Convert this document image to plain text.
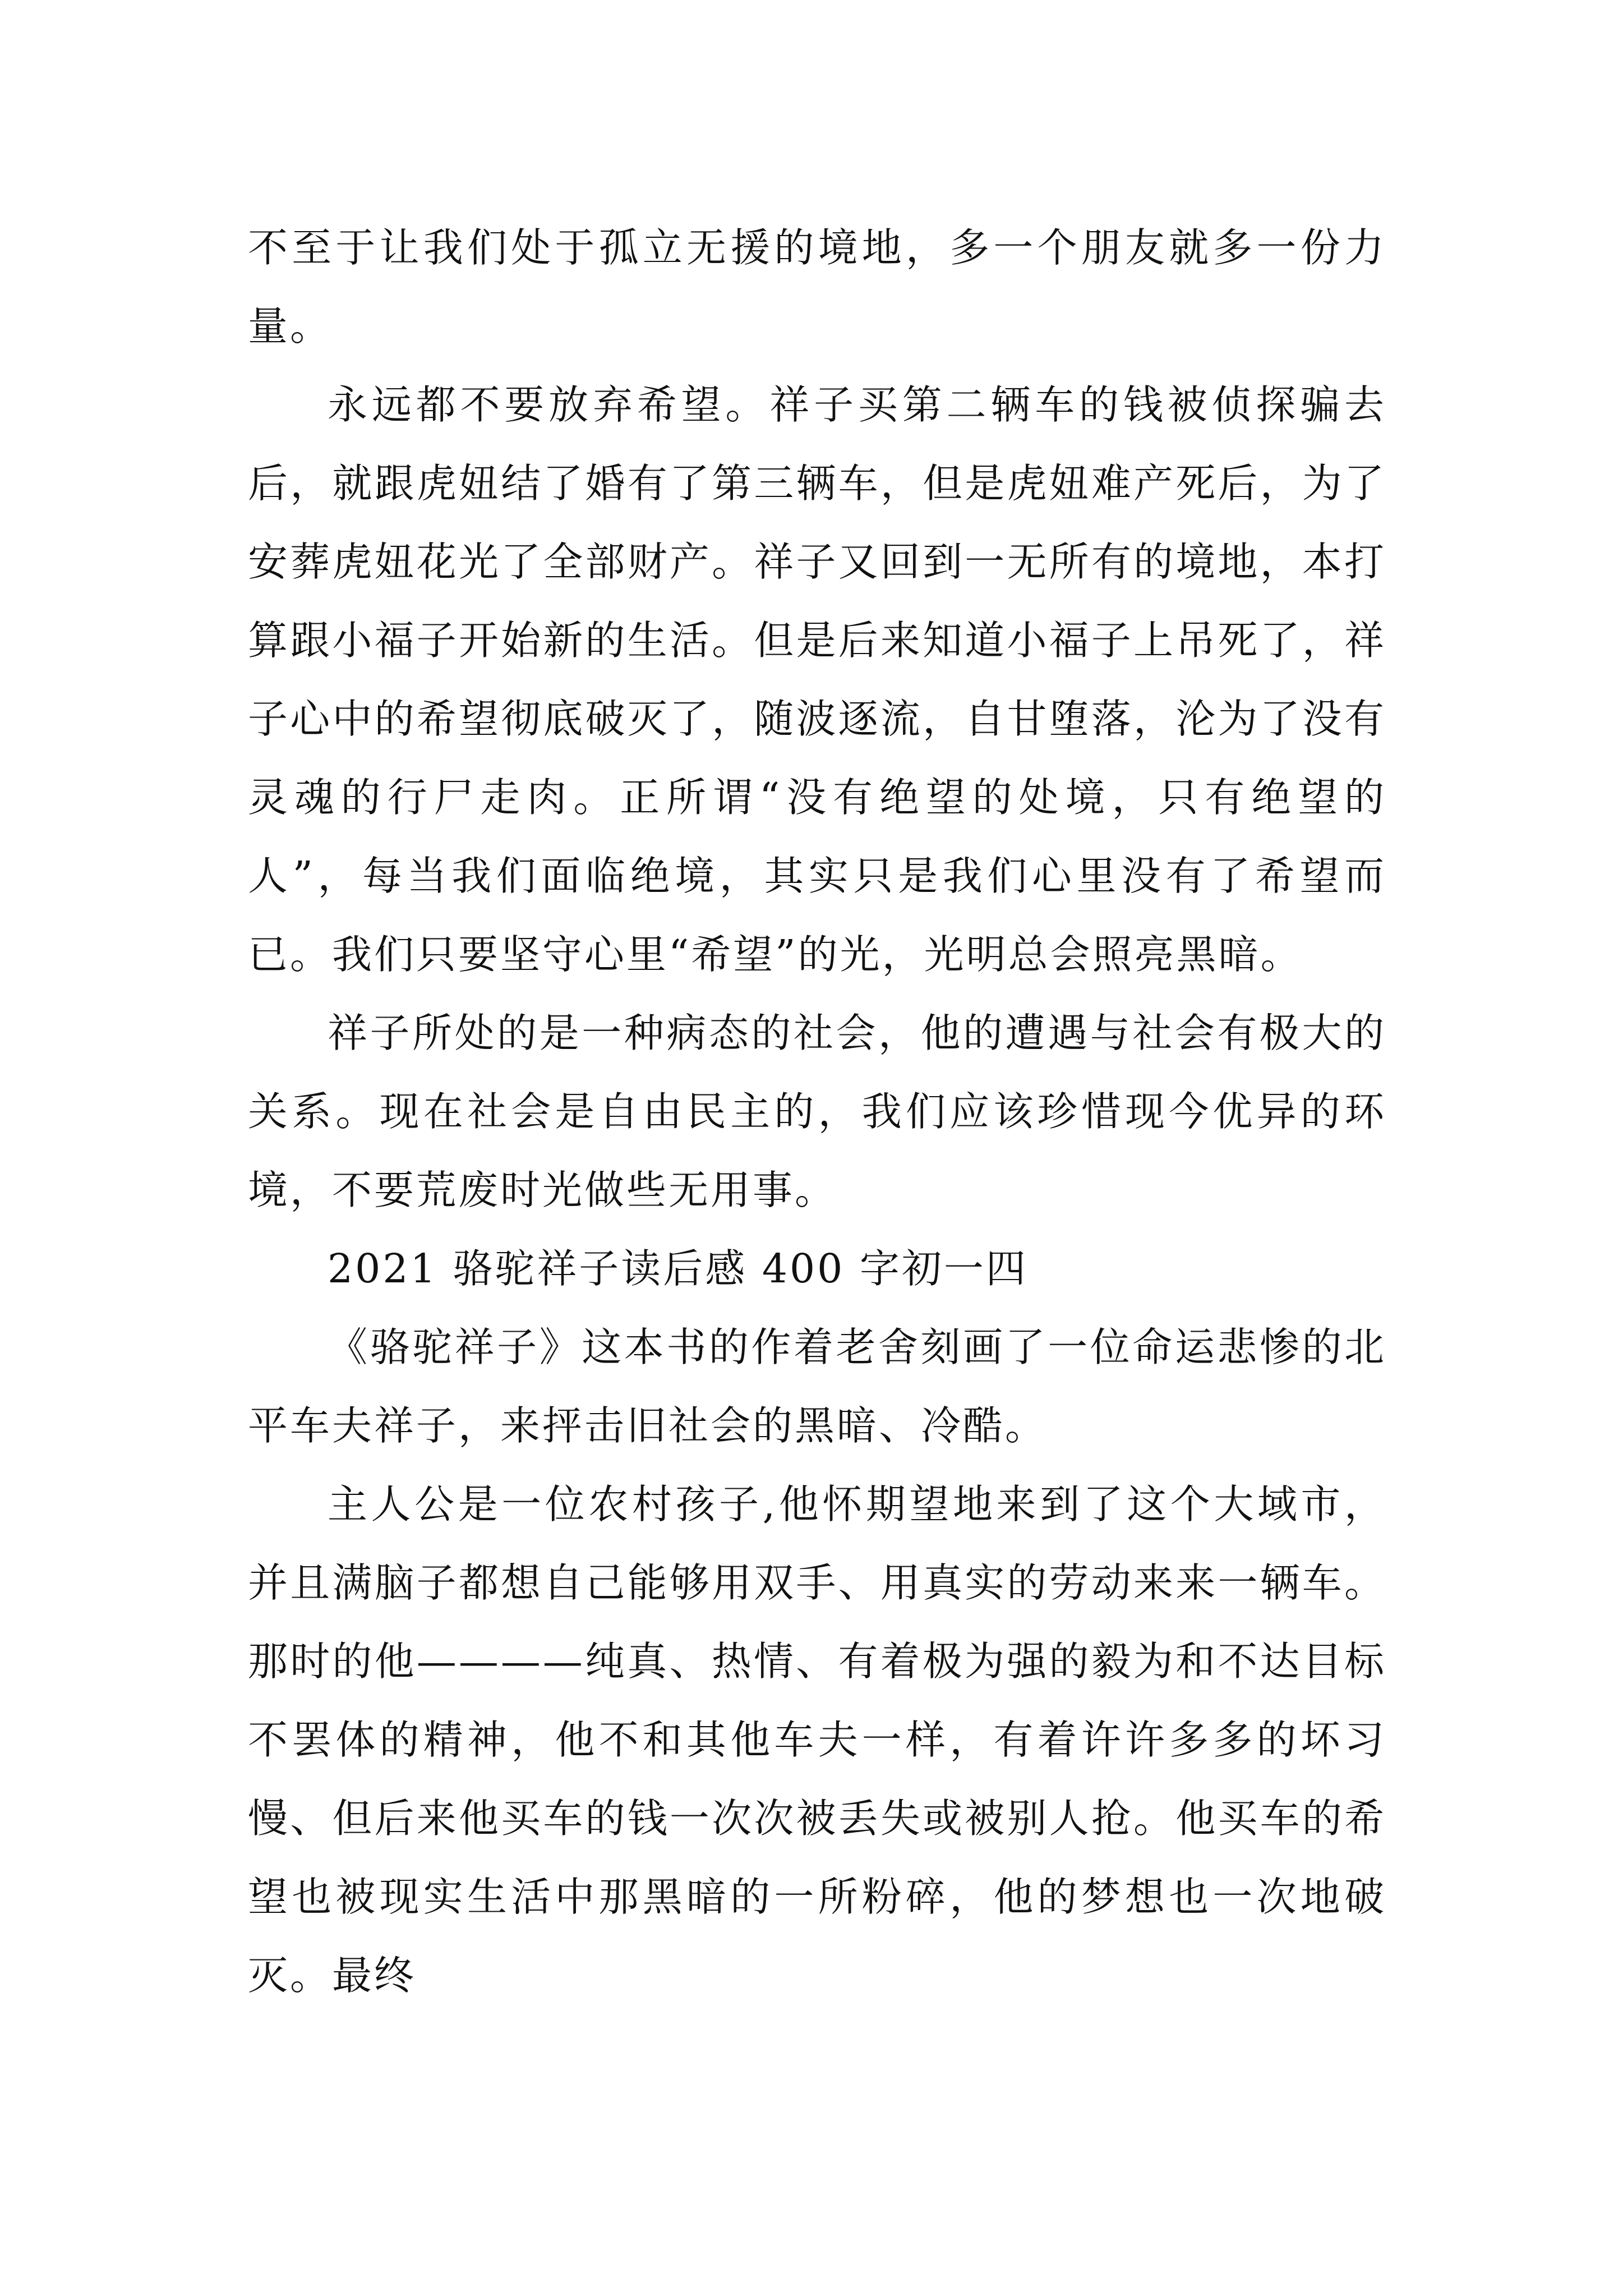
不至于让我们处于孤立无援的境地，多一个朋友就多一份力量。

永远都不要放弃希望。祥子买第二辆车的钱被侦探骗去后，就跟虎妞结了婚有了第三辆车，但是虎妞难产死后，为了安葬虎妞花光了全部财产。祥子又回到一无所有的境地，本打算跟小福子开始新的生活。但是后来知道小福子上吊死了，祥子心中的希望彻底破灭了，随波逐流，自甘堕落，沦为了没有灵魂的行尸走肉。正所谓“没有绝望的处境，只有绝望的人”，每当我们面临绝境，其实只是我们心里没有了希望而已。我们只要坚守心里“希望”的光，光明总会照亮黑暗。

祥子所处的是一种病态的社会，他的遭遇与社会有极大的关系。现在社会是自由民主的，我们应该珍惜现今优异的环境，不要荒废时光做些无用事。

2021 骆驼祥子读后感 400 字初一四

《骆驼祥子》这本书的作着老舍刻画了一位命运悲惨的北平车夫祥子，来抨击旧社会的黑暗、冷酷。

主人公是一位农村孩子,他怀期望地来到了这个大域市，并且满脑子都想自己能够用双手、用真实的劳动来来一辆车。那时的他————纯真、热情、有着极为强的毅为和不达目标不罢体的精神，他不和其他车夫一样，有着许许多多的坏习慢、但后来他买车的钱一次次被丢失或被别人抢。他买车的希望也被现实生活中那黑暗的一所粉碎，他的梦想也一次地破灭。最终
